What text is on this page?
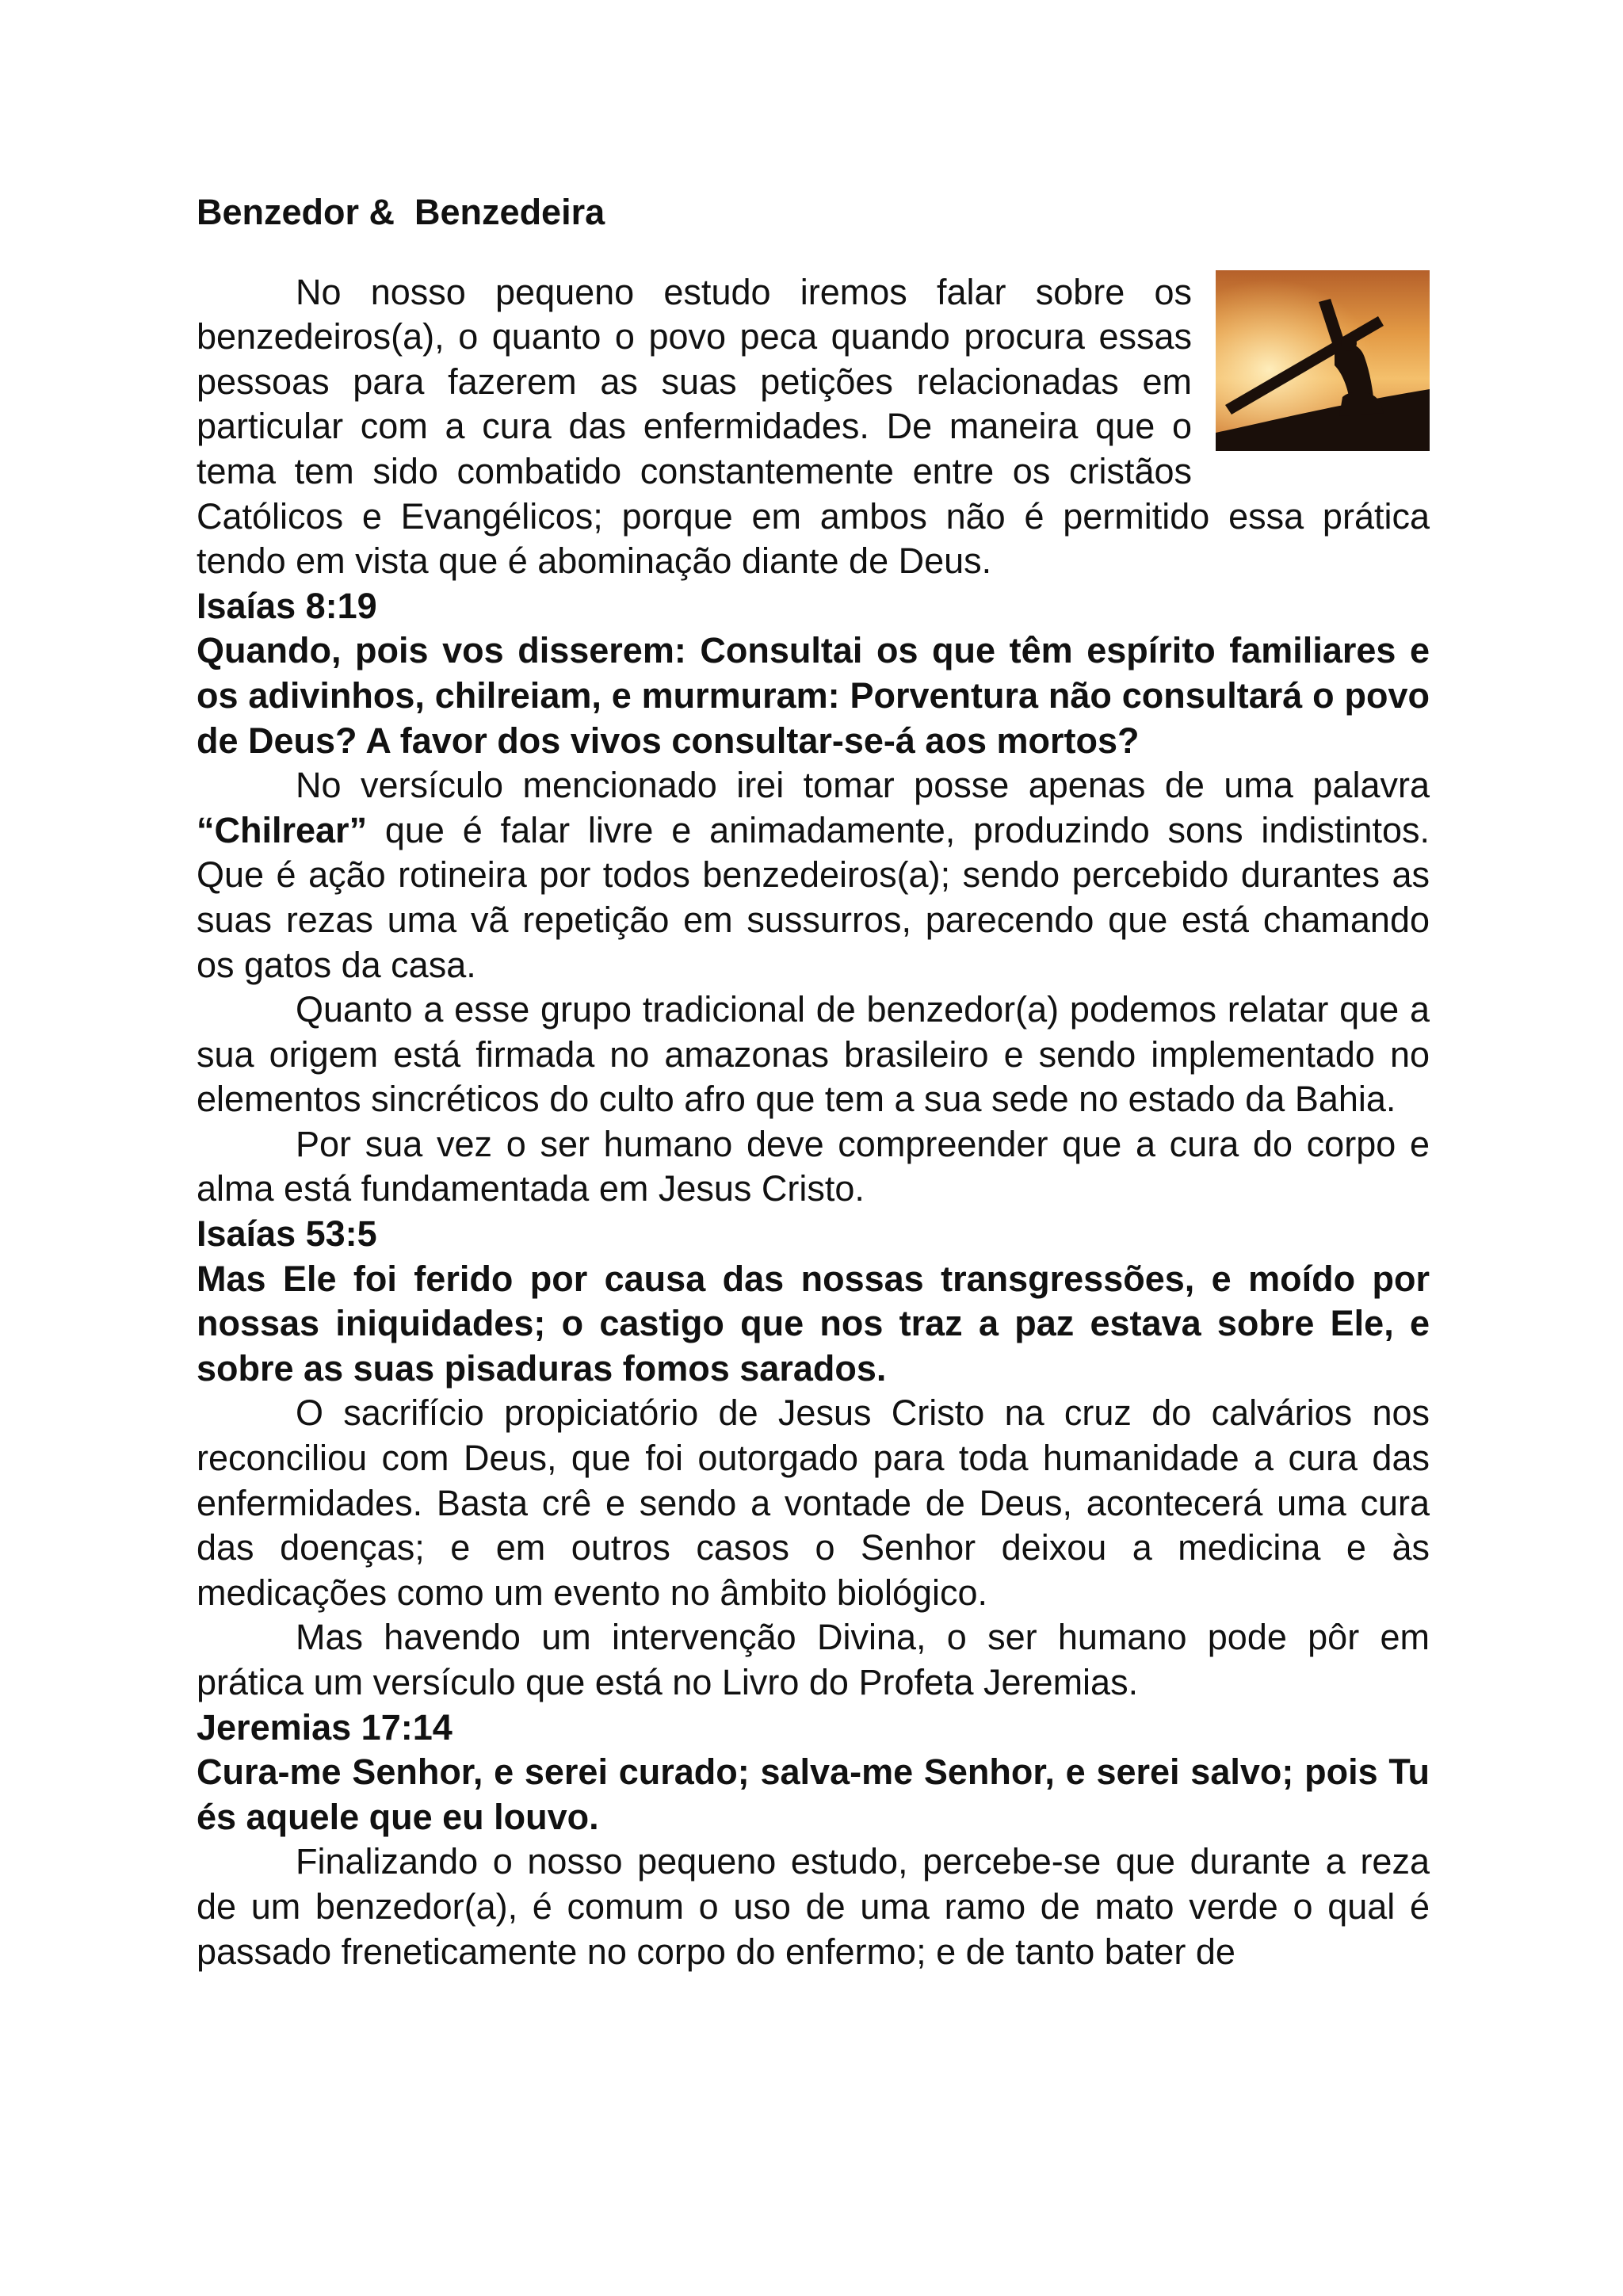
Benzedor &  Benzedeira

No nosso pequeno estudo iremos falar sobre os benzedeiros(a), o quanto o povo peca quando procura essas pessoas para fazerem as suas petições relacionadas em particular com a cura das enfermidades. De maneira que o tema tem sido combatido constantemente entre os cristãos Católicos e Evangélicos; porque em ambos não é permitido essa prática tendo em vista que é abominação diante de Deus.

Isaías 8:19

Quando, pois vos disserem: Consultai os que têm espírito familiares e os adivinhos, chilreiam, e murmuram: Porventura não consultará o povo de Deus? A favor dos vivos consultar-se-á aos mortos?

No versículo mencionado irei tomar posse apenas de uma palavra “Chilrear” que é falar livre e animadamente, produzindo sons indistintos. Que é ação rotineira por todos benzedeiros(a); sendo percebido durantes as suas rezas uma vã repetição em sussurros, parecendo que está chamando os gatos da casa.

Quanto a esse grupo tradicional de benzedor(a) podemos relatar que a sua origem está firmada no amazonas brasileiro e sendo implementado no elementos sincréticos do culto afro que tem a sua sede no estado da Bahia.

Por sua vez o ser humano deve compreender que a cura do corpo e alma está fundamentada em Jesus Cristo.

Isaías 53:5

Mas Ele foi ferido por causa das nossas transgressões, e moído por nossas iniquidades; o castigo que nos traz a paz estava sobre Ele, e sobre as suas pisaduras fomos sarados.

O sacrifício propiciatório de Jesus Cristo na cruz do calvários nos reconciliou com Deus, que foi outorgado para toda humanidade a cura das enfermidades. Basta crê e sendo a vontade de Deus, acontecerá uma cura das doenças; e em outros casos o Senhor deixou a medicina e às medicações como um evento no âmbito biológico.

Mas havendo um intervenção Divina, o ser humano pode pôr em prática um versículo que está no Livro do Profeta Jeremias.

Jeremias 17:14

Cura-me Senhor, e serei curado; salva-me Senhor, e serei salvo; pois Tu és aquele que eu louvo.

Finalizando o nosso pequeno estudo, percebe-se que durante a reza de um benzedor(a), é comum o uso de uma ramo de mato verde o qual é passado freneticamente no corpo do enfermo; e de tanto bater de
